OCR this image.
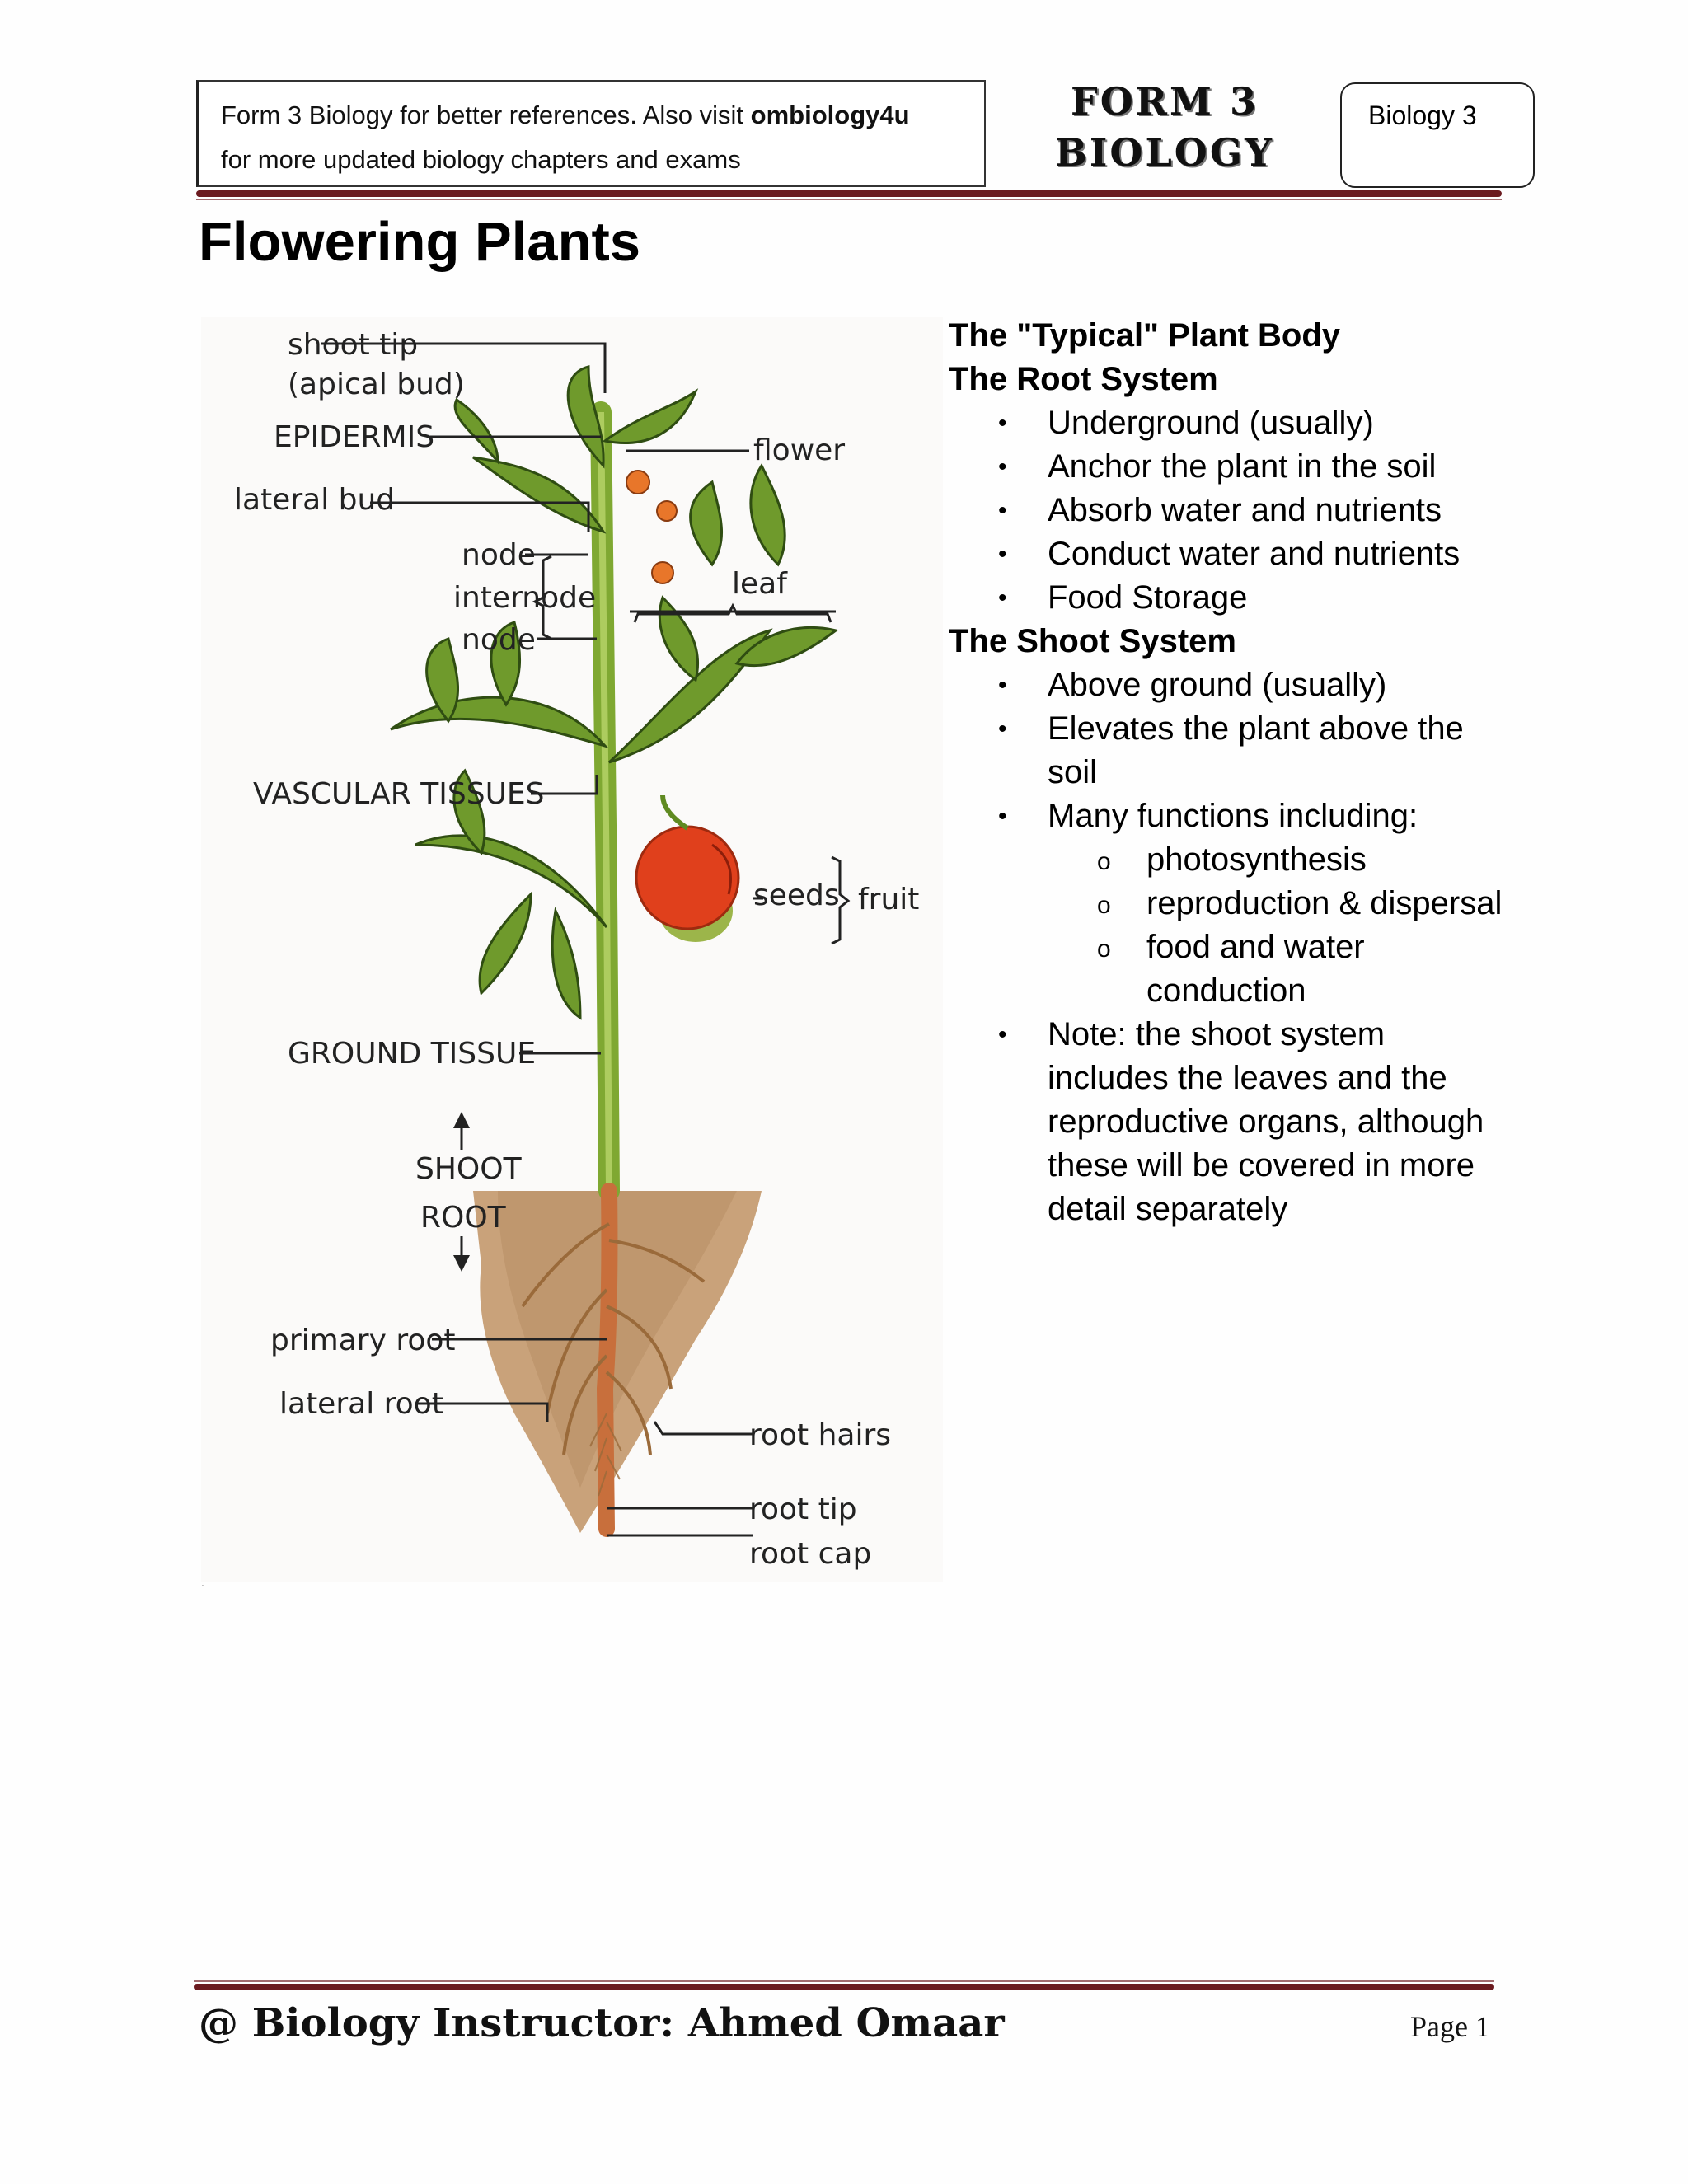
Form 3 Biology for better references. Also visit ombiology4u
for more updated biology chapters and exams
FORM 3
BIOLOGY
Biology 3
Flowering Plants
shoot tip
(apical bud)
EPIDERMIS
lateral bud
node
internode
node
flower
leaf
VASCULAR TISSUES
seeds fruit
GROUND TISSUE
SHOOT
ROOT
primary root
lateral root
root hairs
root tip
root cap
.
The "Typical" Plant Body
The Root System
• Underground (usually)
• Anchor the plant in the soil
• Absorb water and nutrients
• Conduct water and nutrients
• Food Storage
The Shoot System
• Above ground (usually)
• Elevates the plant above the soil
• Many functions including:
o photosynthesis
o reproduction & dispersal
o food and water conduction
• Note: the shoot system includes the leaves and the reproductive organs, although these will be covered in more detail separately
@ Biology Instructor: Ahmed Omaar	Page 1
